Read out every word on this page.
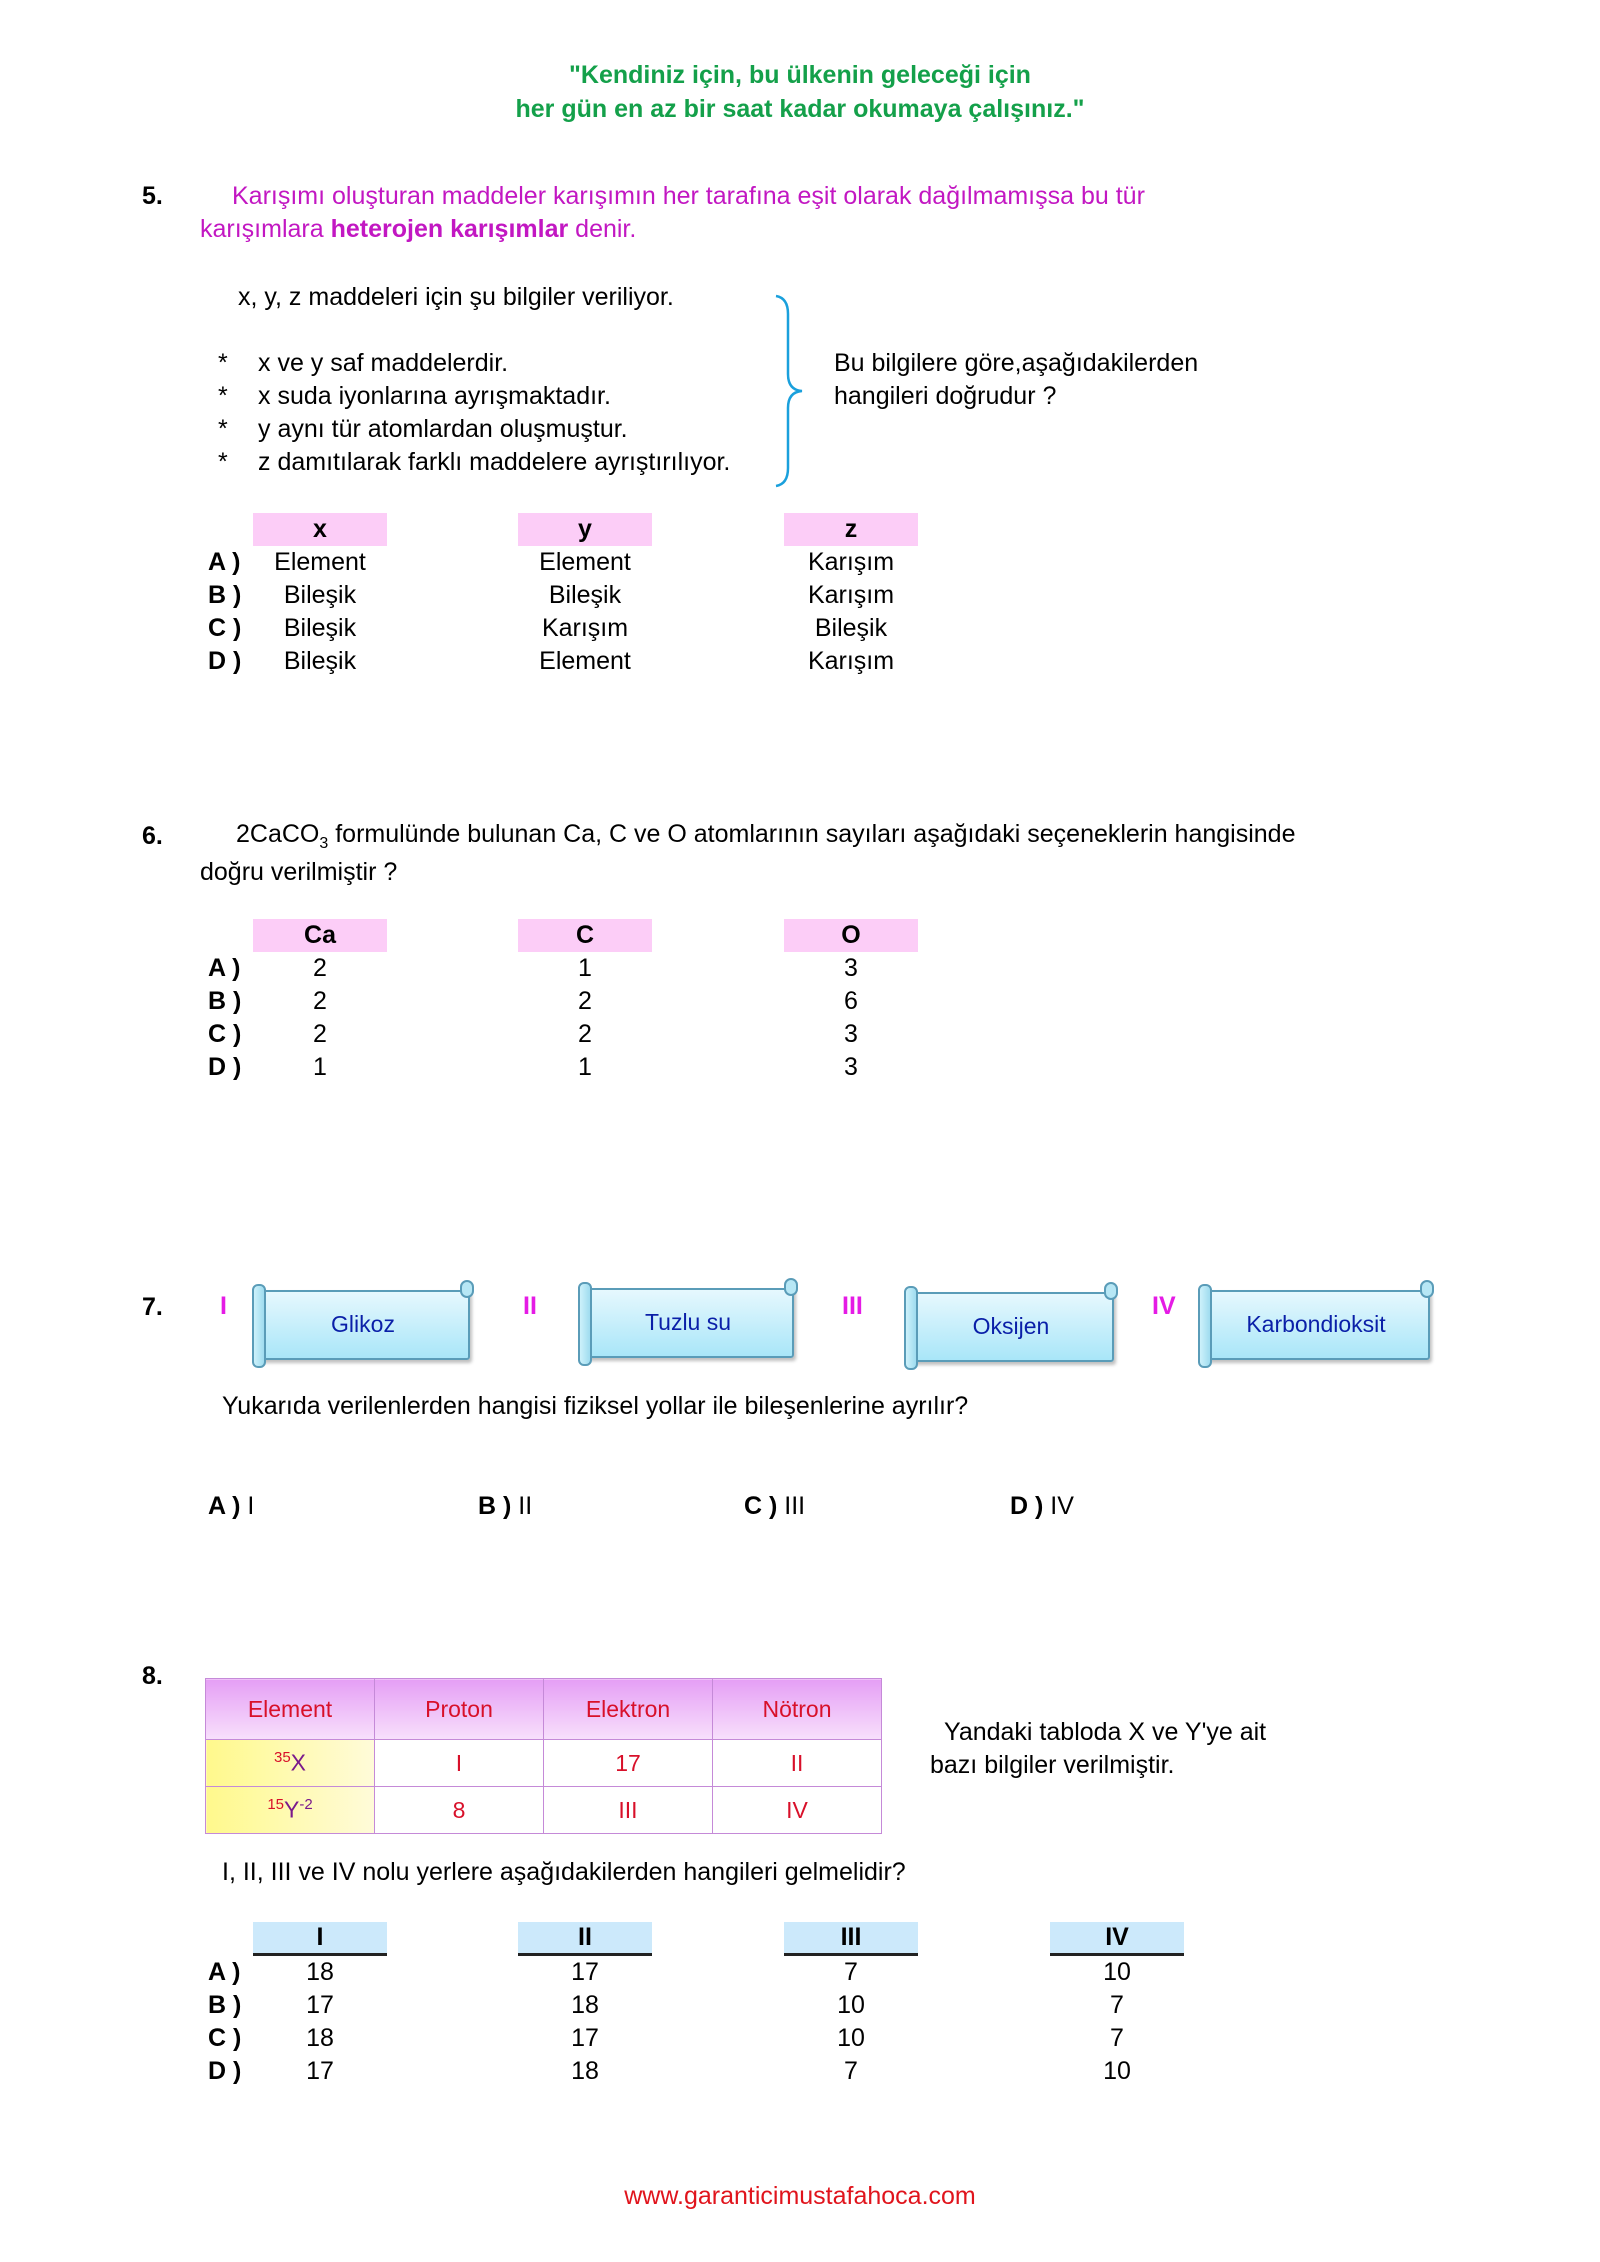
"Kendiniz için, bu ülkenin geleceği için
her gün en az bir saat kadar okumaya çalışınız."
5.	Karışımı oluşturan maddeler karışımın her tarafına eşit olarak dağılmamışsa bu tür
karışımlara heterojen karışımlar denir.
x, y, z maddeleri için şu bilgiler veriliyor.
* x ve y saf maddelerdir.
* x suda iyonlarına ayrışmaktadır.
* y aynı tür atomlardan oluşmuştur.
* z damıtılarak farklı maddelere ayrıştırılıyor.
Bu bilgilere göre,aşağıdakilerden
hangileri doğrudur ?
x	y	z
A )	Element	Element	Karışım
B )	Bileşik	Bileşik	Karışım
C )	Bileşik	Karışım	Bileşik
D )	Bileşik	Element	Karışım
6.	2CaCO$_3$ formulünde bulunan Ca, C ve O atomlarının sayıları aşağıdaki seçeneklerin hangisinde
doğru verilmiştir ?
Ca	C	O
A )	2	1	3
B )	2	2	6
C )	2	2	3
D )	1	1	3
7. I
Glikoz
II
Tuzlu su
III
Oksijen
IV
Karbondioksit
Yukarıda verilenlerden hangisi fiziksel yollar ile bileşenlerine ayrılır?
A ) I	B ) II	C ) III	D ) IV
8.
Element	Proton	Elektron	Nötron
$^{35}$X	I	17	II
$^{15}Y^{-2}$	8	III	IV
Yandaki tabloda X ve Y'ye ait
bazı bilgiler verilmiştir.
I, II, III ve IV nolu yerlere aşağıdakilerden hangileri gelmelidir?
I	II	III	IV
A )	18	17	7	10
B )	17	18	10	7
C )	18	17	10	7
D )	17	18	7	10
www.garanticimustafahoca.com
